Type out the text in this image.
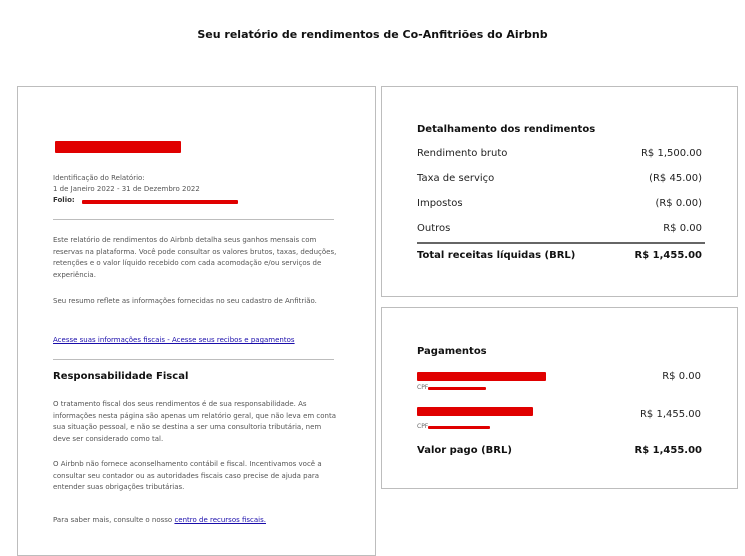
Seu relatório de rendimentos de Co-Anfitriões do Airbnb
Identificação do Relatório:
1 de Janeiro 2022 - 31 de Dezembro 2022
Folio:
Este relatório de rendimentos do Airbnb detalha seus ganhos mensais com reservas na plataforma. Você pode consultar os valores brutos, taxas, deduções, retenções e o valor líquido recebido com cada acomodação e/ou serviços de experiência.
Seu resumo reflete as informações fornecidas no seu cadastro de Anfitrião.
Acesse suas informações fiscais - Acesse seus recibos e pagamentos
Responsabilidade Fiscal
O tratamento fiscal dos seus rendimentos é de sua responsabilidade. As informações nesta página são apenas um relatório geral, que não leva em conta sua situação pessoal, e não se destina a ser uma consultoria tributária, nem deve ser considerado como tal.
O Airbnb não fornece aconselhamento contábil e fiscal. Incentivamos você a consultar seu contador ou as autoridades fiscais caso precise de ajuda para entender suas obrigações tributárias.
Para saber mais, consulte o nosso centro de recursos fiscais.
Detalhamento dos rendimentos
Rendimento bruto	R$ 1,500.00
Taxa de serviço	(R$ 45.00)
Impostos	(R$ 0.00)
Outros	R$ 0.00
Total receitas líquidas (BRL)	R$ 1,455.00
Pagamentos
CPF
R$ 0.00
CPF
R$ 1,455.00
Valor pago (BRL)	R$ 1,455.00
